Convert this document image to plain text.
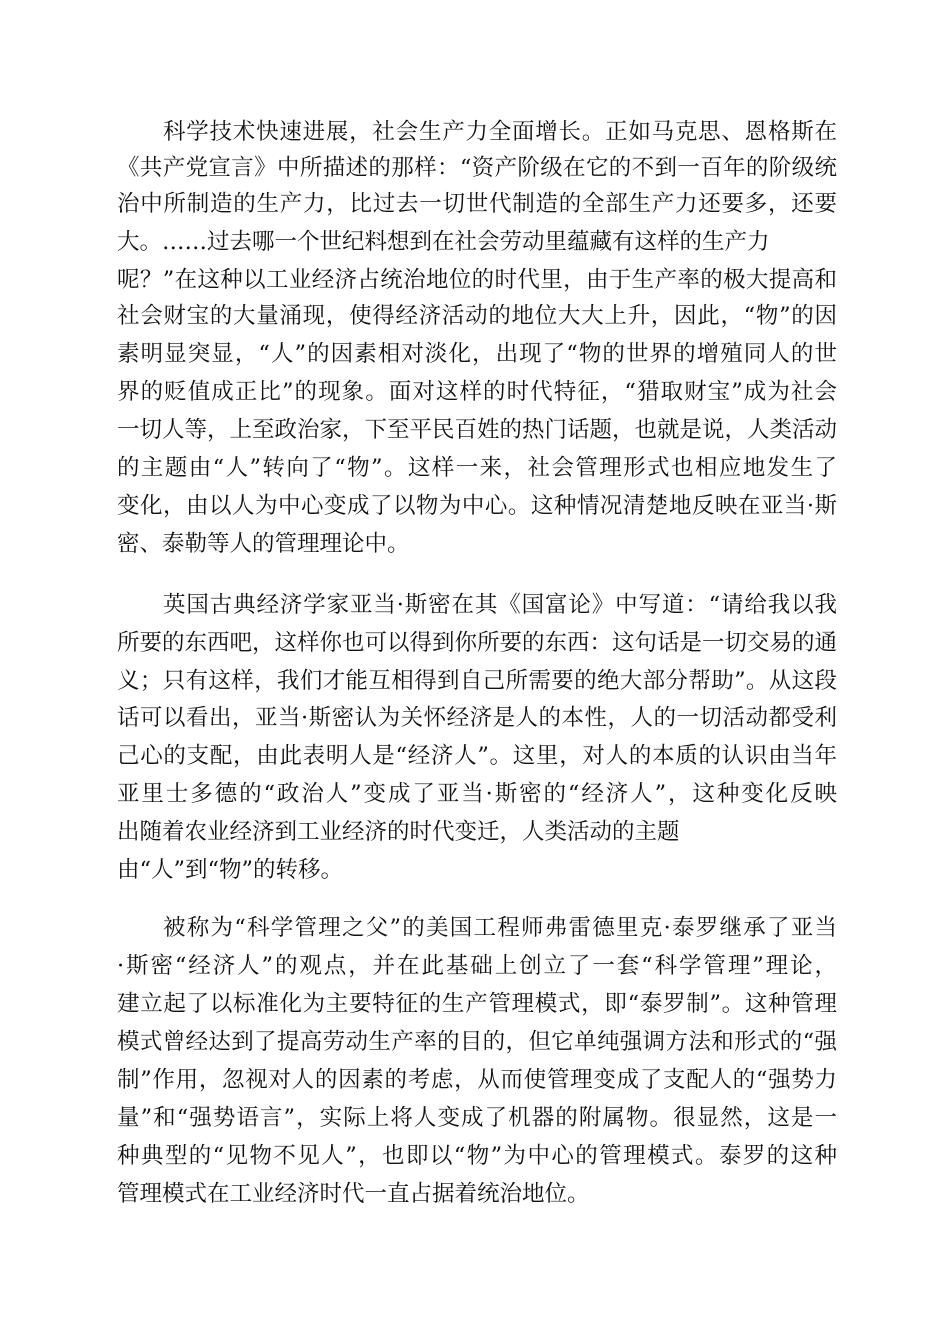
科学技术快速进展，社会生产力全面增长。正如马克思、恩格斯在
《共产党宣言》中所描述的那样：“资产阶级在它的不到一百年的阶级统
治中所制造的生产力，比过去一切世代制造的全部生产力还要多，还要
大。……过去哪一个世纪料想到在社会劳动里蕴藏有这样的生产力
呢？”在这种以工业经济占统治地位的时代里，由于生产率的极大提高和
社会财宝的大量涌现，使得经济活动的地位大大上升，因此，“物”的因
素明显突显，“人”的因素相对淡化，出现了“物的世界的增殖同人的世
界的贬值成正比”的现象。面对这样的时代特征，“猎取财宝”成为社会
一切人等，上至政治家，下至平民百姓的热门话题，也就是说，人类活动
的主题由“人”转向了“物”。这样一来，社会管理形式也相应地发生了
变化，由以人为中心变成了以物为中心。这种情况清楚地反映在亚当·斯
密、泰勒等人的管理理论中。
英国古典经济学家亚当·斯密在其《国富论》中写道：“请给我以我
所要的东西吧，这样你也可以得到你所要的东西：这句话是一切交易的通
义；只有这样，我们才能互相得到自己所需要的绝大部分帮助”。从这段
话可以看出，亚当·斯密认为关怀经济是人的本性，人的一切活动都受利
己心的支配，由此表明人是“经济人”。这里，对人的本质的认识由当年
亚里士多德的“政治人”变成了亚当·斯密的“经济人”，这种变化反映
出随着农业经济到工业经济的时代变迁，人类活动的主题
由“人”到“物”的转移。
被称为“科学管理之父”的美国工程师弗雷德里克·泰罗继承了亚当
·斯密“经济人”的观点，并在此基础上创立了一套“科学管理”理论，
建立起了以标准化为主要特征的生产管理模式，即“泰罗制”。这种管理
模式曾经达到了提高劳动生产率的目的，但它单纯强调方法和形式的“强
制”作用，忽视对人的因素的考虑，从而使管理变成了支配人的“强势力
量”和“强势语言”，实际上将人变成了机器的附属物。很显然，这是一
种典型的“见物不见人”，也即以“物”为中心的管理模式。泰罗的这种
管理模式在工业经济时代一直占据着统治地位。
